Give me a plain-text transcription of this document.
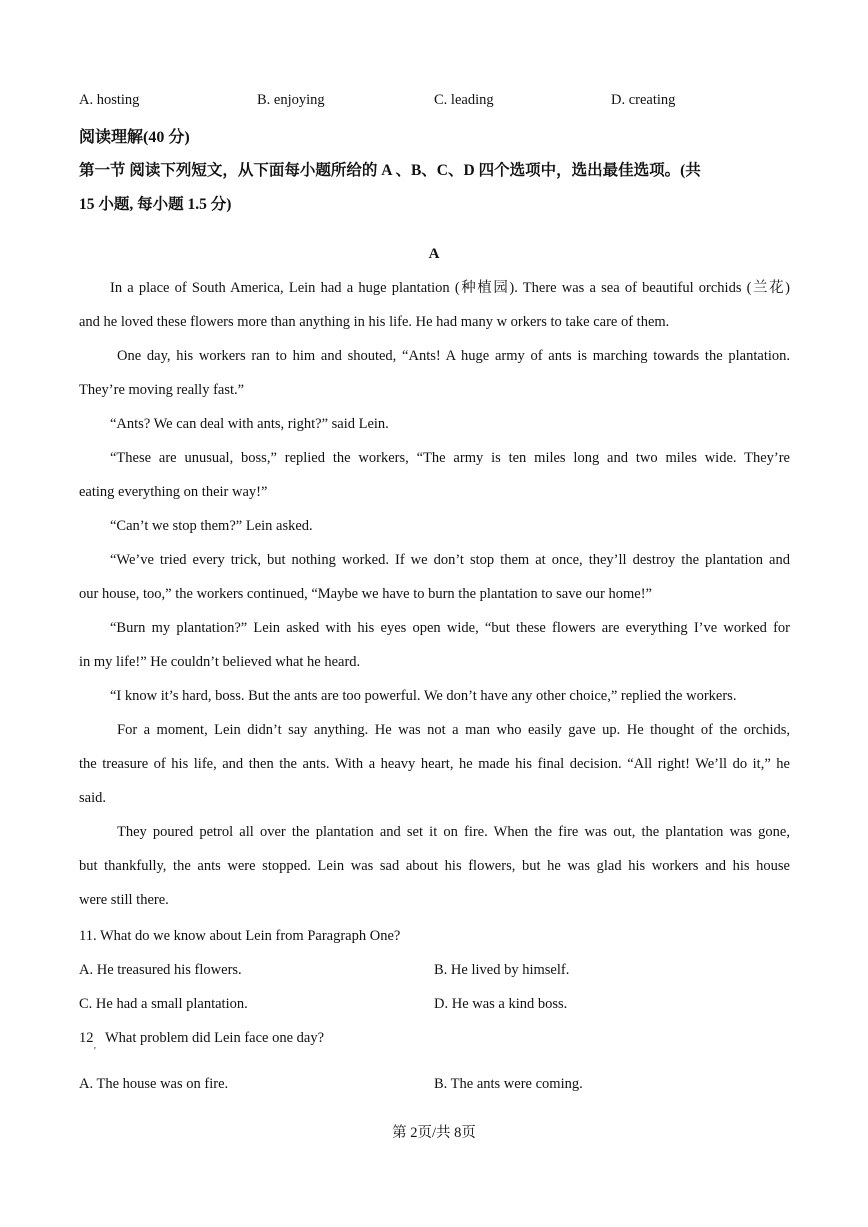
A. hosting	B. enjoying	C. leading	D. creating
阅读理解(40 分)
第一节 阅读下列短文，从下面每小题所给的 A 、B、C、D 四个选项中，选出最佳选项。(共
15 小题, 每小题 1.5 分)
A
In a place of South America, Lein had a huge plantation (种植园). There was a sea of beautiful orchids (兰花)
and he loved these flowers more than anything in his life. He had many w orkers to take care of them.
One day, his workers ran to him and shouted, “Ants! A huge army of ants is marching towards the plantation.
They’re moving really fast.”
“Ants? We can deal with ants, right?” said Lein.
“These are unusual, boss,” replied the workers, “The army is ten miles long and two miles wide. They’re
eating everything on their way!”
“Can’t we stop them?” Lein asked.
“We’ve tried every trick, but nothing worked. If we don’t stop them at once, they’ll destroy the plantation and
our house, too,” the workers continued, “Maybe we have to burn the plantation to save our home!”
“Burn my plantation?” Lein asked with his eyes open wide, “but these flowers are everything I’ve worked for
in my life!” He couldn’t believed what he heard.
“I know it’s hard, boss. But the ants are too powerful. We don’t have any other choice,” replied the workers.
For a moment, Lein didn’t say anything. He was not a man who easily gave up. He thought of the orchids,
the treasure of his life, and then the ants. With a heavy heart, he made his final decision. “All right! We’ll do it,” he
said.
They poured petrol all over the plantation and set it on fire. When the fire was out, the plantation was gone,
but thankfully, the ants were stopped. Lein was sad about his flowers, but he was glad his workers and his house
were still there.
11. What do we know about Lein from Paragraph One?
A. He treasured his flowers.	B. He lived by himself.
C. He had a small plantation.	D. He was a kind boss.
12
'
What problem did Lein face one day?
A. The house was on fire.	B. The ants were coming.
第 2页/共 8页
